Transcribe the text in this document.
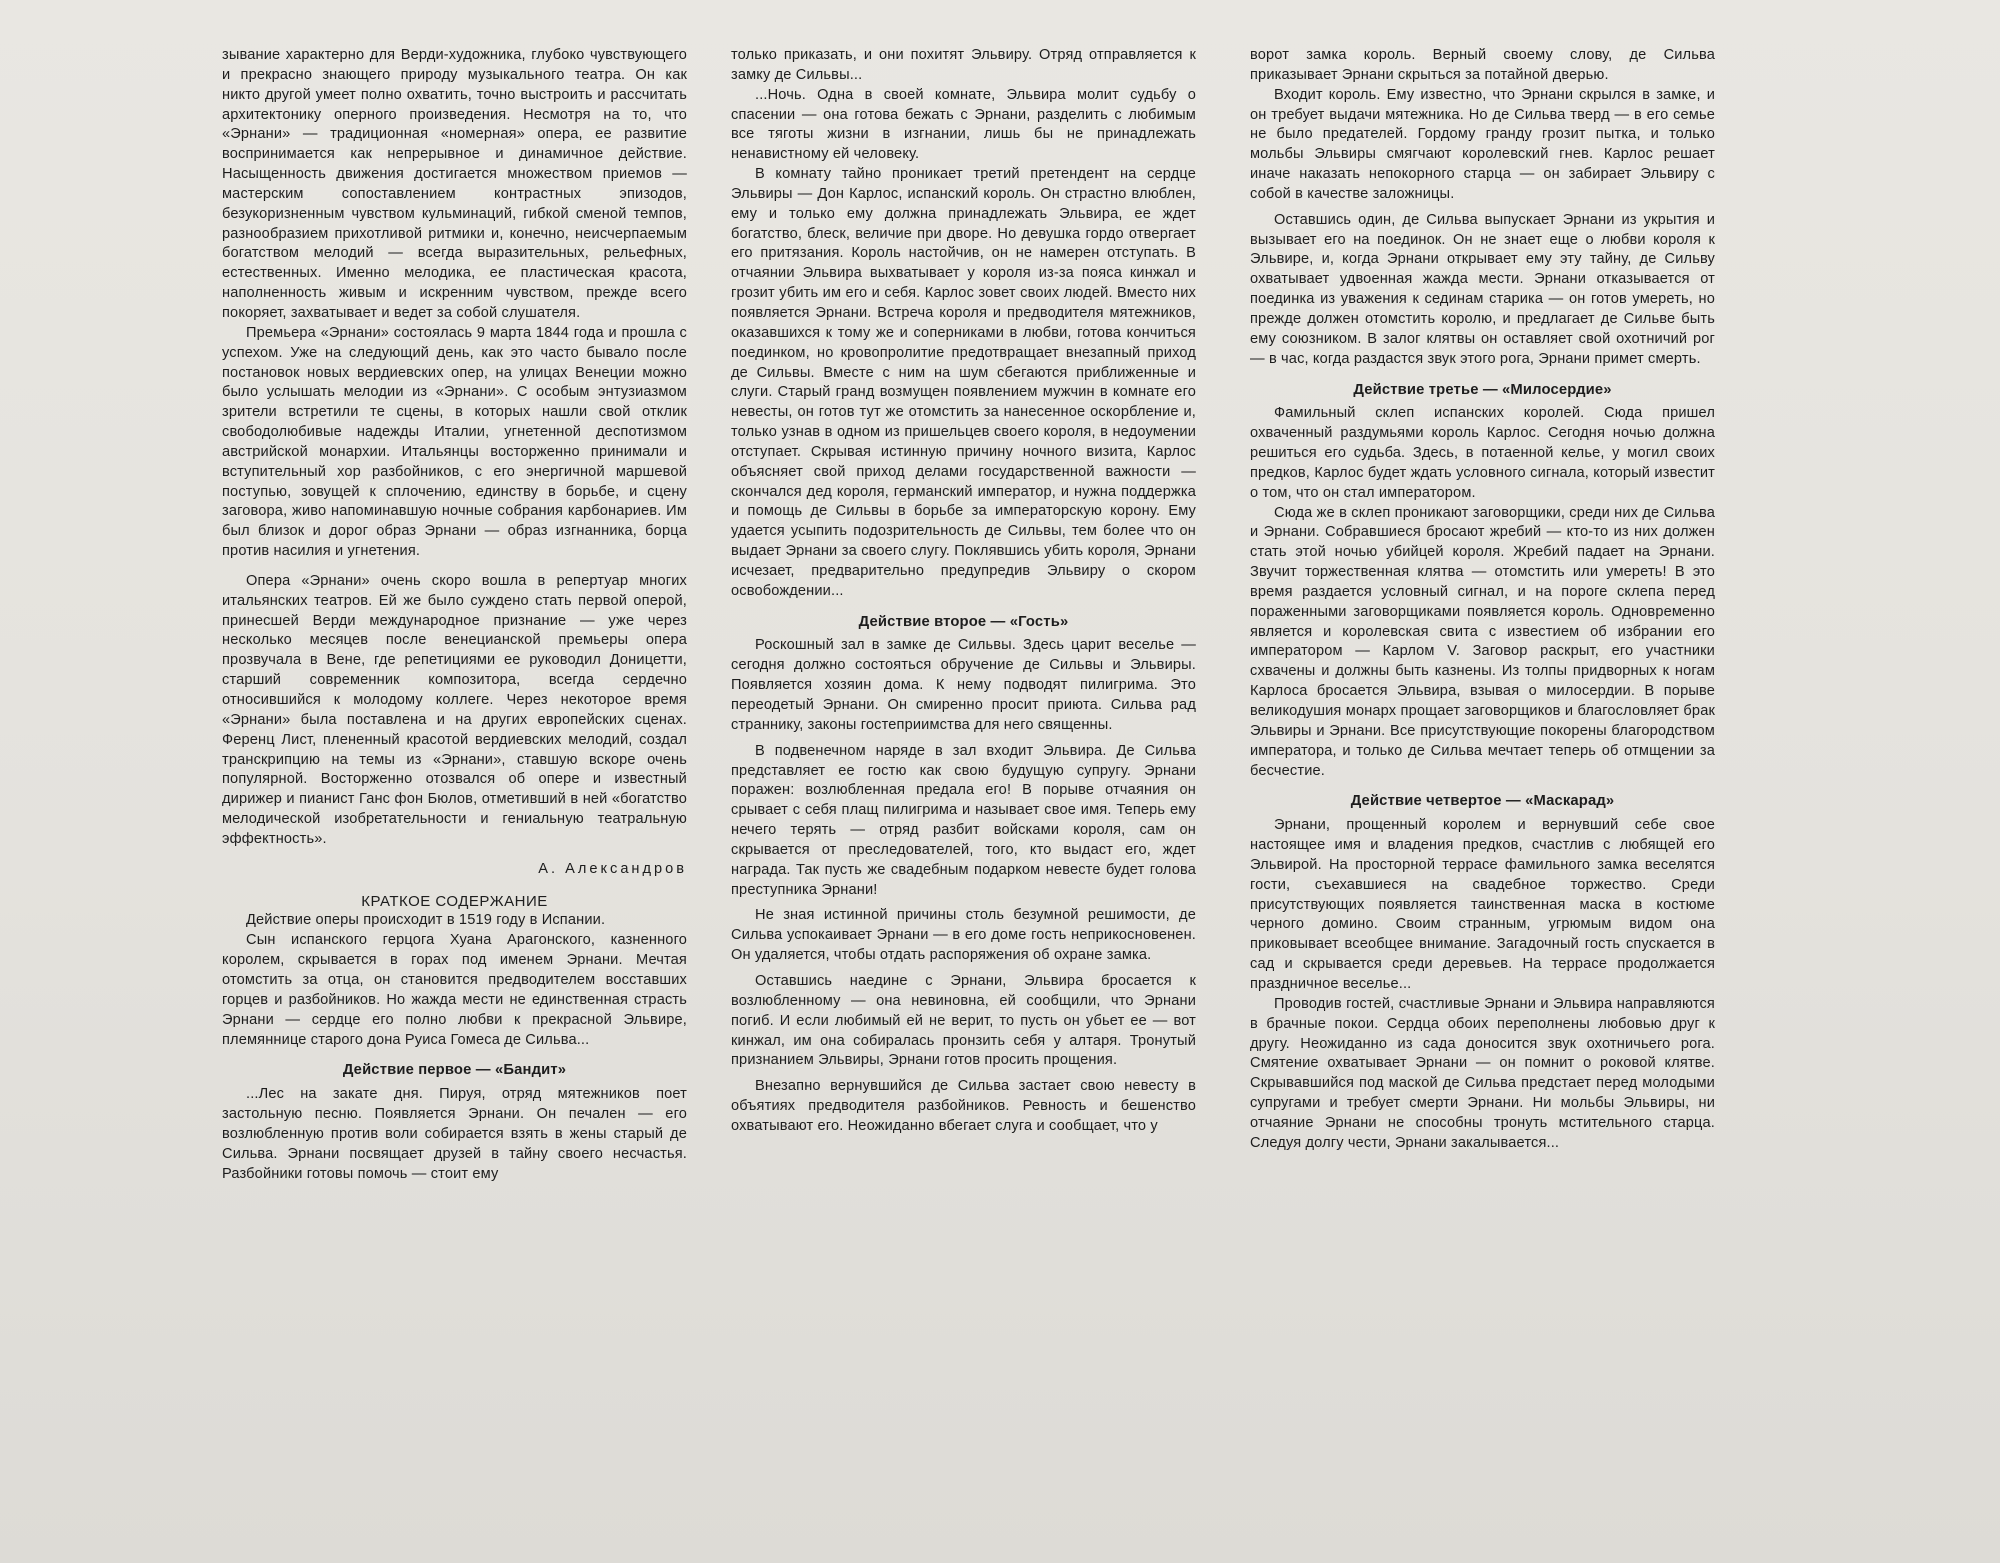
зывание характерно для Верди-художника, глубоко чувствующего и прекрасно знающего природу музыкального театра. Он как никто другой умеет полно охватить, точно выстроить и рассчитать архитектонику оперного произведения. Несмотря на то, что «Эрнани» — традиционная «номерная» опера, ее развитие воспринимается как непрерывное и динамичное действие. Насыщенность движения достигается множеством приемов — мастерским сопоставлением контрастных эпизодов, безукоризненным чувством кульминаций, гибкой сменой темпов, разнообразием прихотливой ритмики и, конечно, неисчерпаемым богатством мелодий — всегда выразительных, рельефных, естественных. Именно мелодика, ее пластическая красота, наполненность живым и искренним чувством, прежде всего покоряет, захватывает и ведет за собой слушателя.

Премьера «Эрнани» состоялась 9 марта 1844 года и прошла с успехом. Уже на следующий день, как это часто бывало после постановок новых вердиевских опер, на улицах Венеции можно было услышать мелодии из «Эрнани». С особым энтузиазмом зрители встретили те сцены, в которых нашли свой отклик свободолюбивые надежды Италии, угнетенной деспотизмом австрийской монархии. Итальянцы восторженно принимали и вступительный хор разбойников, с его энергичной маршевой поступью, зовущей к сплочению, единству в борьбе, и сцену заговора, живо напоминавшую ночные собрания карбонариев. Им был близок и дорог образ Эрнани — образ изгнанника, борца против насилия и угнетения.

Опера «Эрнани» очень скоро вошла в репертуар многих итальянских театров. Ей же было суждено стать первой оперой, принесшей Верди международное признание — уже через несколько месяцев после венецианской премьеры опера прозвучала в Вене, где репетициями ее руководил Доницетти, старший современник композитора, всегда сердечно относившийся к молодому коллеге. Через некоторое время «Эрнани» была поставлена и на других европейских сценах. Ференц Лист, плененный красотой вердиевских мелодий, создал транскрипцию на темы из «Эрнани», ставшую вскоре очень популярной. Восторженно отозвался об опере и известный дирижер и пианист Ганс фон Бюлов, отметивший в ней «богатство мелодической изобретательности и гениальную театральную эффектность».

А. Александров

КРАТКОЕ СОДЕРЖАНИЕ

Действие оперы происходит в 1519 году в Испании.

Сын испанского герцога Хуана Арагонского, казненного королем, скрывается в горах под именем Эрнани. Мечтая отомстить за отца, он становится предводителем восставших горцев и разбойников. Но жажда мести не единственная страсть Эрнани — сердце его полно любви к прекрасной Эльвире, племяннице старого дона Руиса Гомеса де Сильва...

Действие первое — «Бандит»

...Лес на закате дня. Пируя, отряд мятежников поет застольную песню. Появляется Эрнани. Он печален — его возлюбленную против воли собирается взять в жены старый де Сильва. Эрнани посвящает друзей в тайну своего несчастья. Разбойники готовы помочь — стоит ему

только приказать, и они похитят Эльвиру. Отряд отправляется к замку де Сильвы...

...Ночь. Одна в своей комнате, Эльвира молит судьбу о спасении — она готова бежать с Эрнани, разделить с любимым все тяготы жизни в изгнании, лишь бы не принадлежать ненавистному ей человеку.

В комнату тайно проникает третий претендент на сердце Эльвиры — Дон Карлос, испанский король. Он страстно влюблен, ему и только ему должна принадлежать Эльвира, ее ждет богатство, блеск, величие при дворе. Но девушка гордо отвергает его притязания. Король настойчив, он не намерен отступать. В отчаянии Эльвира выхватывает у короля из-за пояса кинжал и грозит убить им его и себя. Карлос зовет своих людей. Вместо них появляется Эрнани. Встреча короля и предводителя мятежников, оказавшихся к тому же и соперниками в любви, готова кончиться поединком, но кровопролитие предотвращает внезапный приход де Сильвы. Вместе с ним на шум сбегаются приближенные и слуги. Старый гранд возмущен появлением мужчин в комнате его невесты, он готов тут же отомстить за нанесенное оскорбление и, только узнав в одном из пришельцев своего короля, в недоумении отступает. Скрывая истинную причину ночного визита, Карлос объясняет свой приход делами государственной важности — скончался дед короля, германский император, и нужна поддержка и помощь де Сильвы в борьбе за императорскую корону. Ему удается усыпить подозрительность де Сильвы, тем более что он выдает Эрнани за своего слугу. Поклявшись убить короля, Эрнани исчезает, предварительно предупредив Эльвиру о скором освобождении...

Действие второе — «Гость»

Роскошный зал в замке де Сильвы. Здесь царит веселье — сегодня должно состояться обручение де Сильвы и Эльвиры. Появляется хозяин дома. К нему подводят пилигрима. Это переодетый Эрнани. Он смиренно просит приюта. Сильва рад страннику, законы гостеприимства для него священны.

В подвенечном наряде в зал входит Эльвира. Де Сильва представляет ее гостю как свою будущую супругу. Эрнани поражен: возлюбленная предала его! В порыве отчаяния он срывает с себя плащ пилигрима и называет свое имя. Теперь ему нечего терять — отряд разбит войсками короля, сам он скрывается от преследователей, того, кто выдаст его, ждет награда. Так пусть же свадебным подарком невесте будет голова преступника Эрнани!

Не зная истинной причины столь безумной решимости, де Сильва успокаивает Эрнани — в его доме гость неприкосновенен. Он удаляется, чтобы отдать распоряжения об охране замка.

Оставшись наедине с Эрнани, Эльвира бросается к возлюбленному — она невиновна, ей сообщили, что Эрнани погиб. И если любимый ей не верит, то пусть он убьет ее — вот кинжал, им она собиралась пронзить себя у алтаря. Тронутый признанием Эльвиры, Эрнани готов просить прощения.

Внезапно вернувшийся де Сильва застает свою невесту в объятиях предводителя разбойников. Ревность и бешенство охватывают его. Неожиданно вбегает слуга и сообщает, что у

ворот замка король. Верный своему слову, де Сильва приказывает Эрнани скрыться за потайной дверью.

Входит король. Ему известно, что Эрнани скрылся в замке, и он требует выдачи мятежника. Но де Сильва тверд — в его семье не было предателей. Гордому гранду грозит пытка, и только мольбы Эльвиры смягчают королевский гнев. Карлос решает иначе наказать непокорного старца — он забирает Эльвиру с собой в качестве заложницы.

Оставшись один, де Сильва выпускает Эрнани из укрытия и вызывает его на поединок. Он не знает еще о любви короля к Эльвире, и, когда Эрнани открывает ему эту тайну, де Сильву охватывает удвоенная жажда мести. Эрнани отказывается от поединка из уважения к сединам старика — он готов умереть, но прежде должен отомстить королю, и предлагает де Сильве быть ему союзником. В залог клятвы он оставляет свой охотничий рог — в час, когда раздастся звук этого рога, Эрнани примет смерть.

Действие третье — «Милосердие»

Фамильный склеп испанских королей. Сюда пришел охваченный раздумьями король Карлос. Сегодня ночью должна решиться его судьба. Здесь, в потаенной келье, у могил своих предков, Карлос будет ждать условного сигнала, который известит о том, что он стал императором.

Сюда же в склеп проникают заговорщики, среди них де Сильва и Эрнани. Собравшиеся бросают жребий — кто-то из них должен стать этой ночью убийцей короля. Жребий падает на Эрнани. Звучит торжественная клятва — отомстить или умереть! В это время раздается условный сигнал, и на пороге склепа перед пораженными заговорщиками появляется король. Одновременно является и королевская свита с известием об избрании его императором — Карлом V. Заговор раскрыт, его участники схвачены и должны быть казнены. Из толпы придворных к ногам Карлоса бросается Эльвира, взывая о милосердии. В порыве великодушия монарх прощает заговорщиков и благословляет брак Эльвиры и Эрнани. Все присутствующие покорены благородством императора, и только де Сильва мечтает теперь об отмщении за бесчестие.

Действие четвертое — «Маскарад»

Эрнани, прощенный королем и вернувший себе свое настоящее имя и владения предков, счастлив с любящей его Эльвирой. На просторной террасе фамильного замка веселятся гости, съехавшиеся на свадебное торжество. Среди присутствующих появляется таинственная маска в костюме черного домино. Своим странным, угрюмым видом она приковывает всеобщее внимание. Загадочный гость спускается в сад и скрывается среди деревьев. На террасе продолжается праздничное веселье...

Проводив гостей, счастливые Эрнани и Эльвира направляются в брачные покои. Сердца обоих переполнены любовью друг к другу. Неожиданно из сада доносится звук охотничьего рога. Смятение охватывает Эрнани — он помнит о роковой клятве. Скрывавшийся под маской де Сильва предстает перед молодыми супругами и требует смерти Эрнани. Ни мольбы Эльвиры, ни отчаяние Эрнани не способны тронуть мстительного старца. Следуя долгу чести, Эрнани закалывается...
